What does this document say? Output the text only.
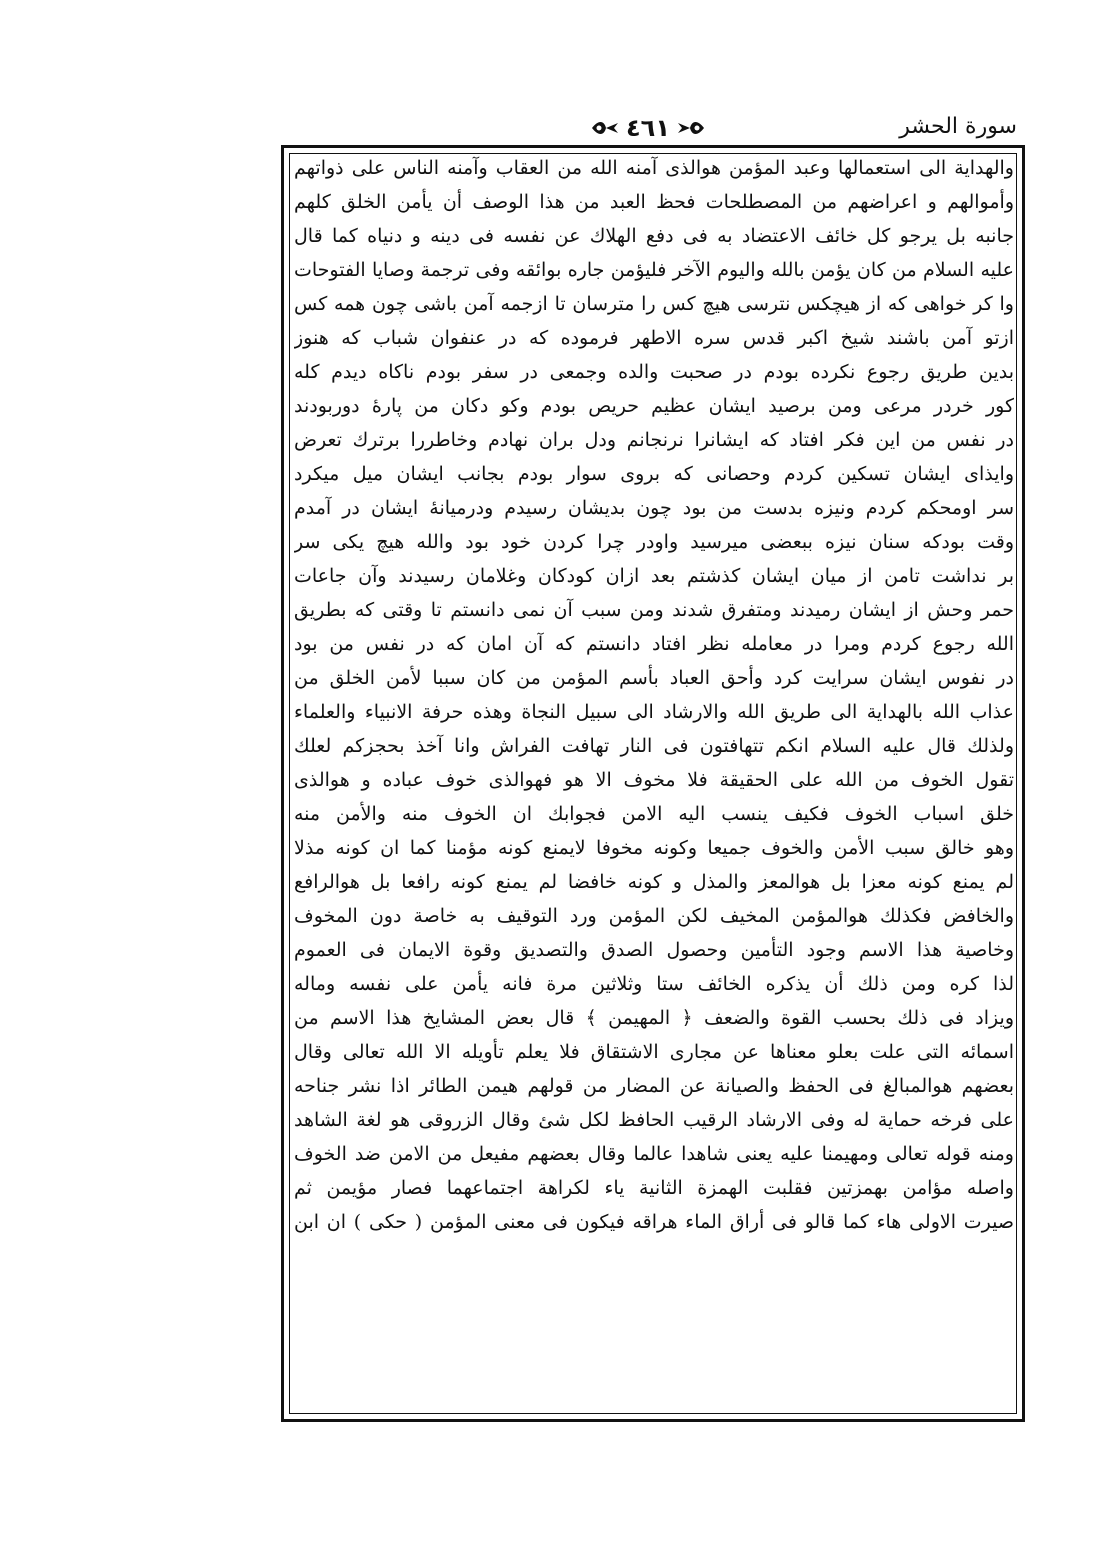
٤٦١	سورة الحشر
والهداية الى استعمالها وعبد المؤمن هوالذى آمنه الله من العقاب وآمنه الناس على ذواتهم
وأموالهم و اعراضهم من المصطلحات فحظ العبد من هذا الوصف أن يأمن الخلق كلهم
جانبه بل يرجو كل خائف الاعتضاد به فى دفع الهلاك عن نفسه فى دينه و دنياه كما قال
عليه السلام من كان يؤمن بالله واليوم الآخر فليؤمن جاره بوائقه وفى ترجمة وصايا الفتوحات
وا كر خواهى كه از هيچكس نترسى هيچ كس را مترسان تا ازجمه آمن باشى چون همه كس
ازتو آمن باشند شيخ اكبر قدس سره الاطهر فرموده كه در عنفوان شباب كه هنوز
بدين طريق رجوع نكرده بودم در صحبت والده وجمعى در سفر بودم ناكاه ديدم كله
كور خردر مرعى ومن برصيد ايشان عظيم حريص بودم وكو دكان من پارۀ دوربودند
در نفس من اين فكر افتاد كه ايشانرا نرنجانم ودل بران نهادم وخاطررا برترك تعرض
وايذاى ايشان تسكين كردم وحصانى كه بروى سوار بودم بجانب ايشان ميل ميكرد
سر اومحكم كردم ونيزه بدست من بود چون بديشان رسيدم ودرميانۀ ايشان در آمدم
وقت بودكه سنان نيزه ببعضى ميرسيد واودر چرا كردن خود بود والله هيچ يكى سر
بر نداشت تامن از ميان ايشان كذشتم بعد ازان كودكان وغلامان رسيدند وآن جاعات
حمر وحش از ايشان رميدند ومتفرق شدند ومن سبب آن نمى دانستم تا وقتى كه بطريق
الله رجوع كردم ومرا در معامله نظر افتاد دانستم كه آن امان كه در نفس من بود
در نفوس ايشان سرايت كرد وأحق العباد بأسم المؤمن من كان سببا لأمن الخلق من
عذاب الله بالهداية الى طريق الله والارشاد الى سبيل النجاة وهذه حرفة الانبياء والعلماء
ولذلك قال عليه السلام انكم تتهافتون فى النار تهافت الفراش وانا آخذ بحجزكم لعلك
تقول الخوف من الله على الحقيقة فلا مخوف الا هو فهوالذى خوف عباده و هوالذى
خلق اسباب الخوف فكيف ينسب اليه الامن فجوابك ان الخوف منه والأمن منه
وهو خالق سبب الأمن والخوف جميعا وكونه مخوفا لايمنع كونه مؤمنا كما ان كونه مذلا
لم يمنع كونه معزا بل هوالمعز والمذل و كونه خافضا لم يمنع كونه رافعا بل هوالرافع
والخافض فكذلك هوالمؤمن المخيف لكن المؤمن ورد التوقيف به خاصة دون المخوف
وخاصية هذا الاسم وجود التأمين وحصول الصدق والتصديق وقوة الايمان فى العموم
لذا كره ومن ذلك أن يذكره الخائف ستا وثلاثين مرة فانه يأمن على نفسه وماله
ويزاد فى ذلك بحسب القوة والضعف ﴿ المهيمن ﴾ قال بعض المشايخ هذا الاسم من
اسمائه التى علت بعلو معناها عن مجارى الاشتقاق فلا يعلم تأويله الا الله تعالى وقال
بعضهم هوالمبالغ فى الحفظ والصيانة عن المضار من قولهم هيمن الطائر اذا نشر جناحه
على فرخه حماية له وفى الارشاد الرقيب الحافظ لكل شئ وقال الزروقى هو لغة الشاهد
ومنه قوله تعالى ومهيمنا عليه يعنى شاهدا عالما وقال بعضهم مفيعل من الامن ضد الخوف
واصله مؤامن بهمزتين فقلبت الهمزة الثانية ياء لكراهة اجتماعهما فصار مؤيمن ثم
صيرت الاولى هاء كما قالو فى أراق الماء هراقه فيكون فى معنى المؤمن ( حكى ) ان ابن
